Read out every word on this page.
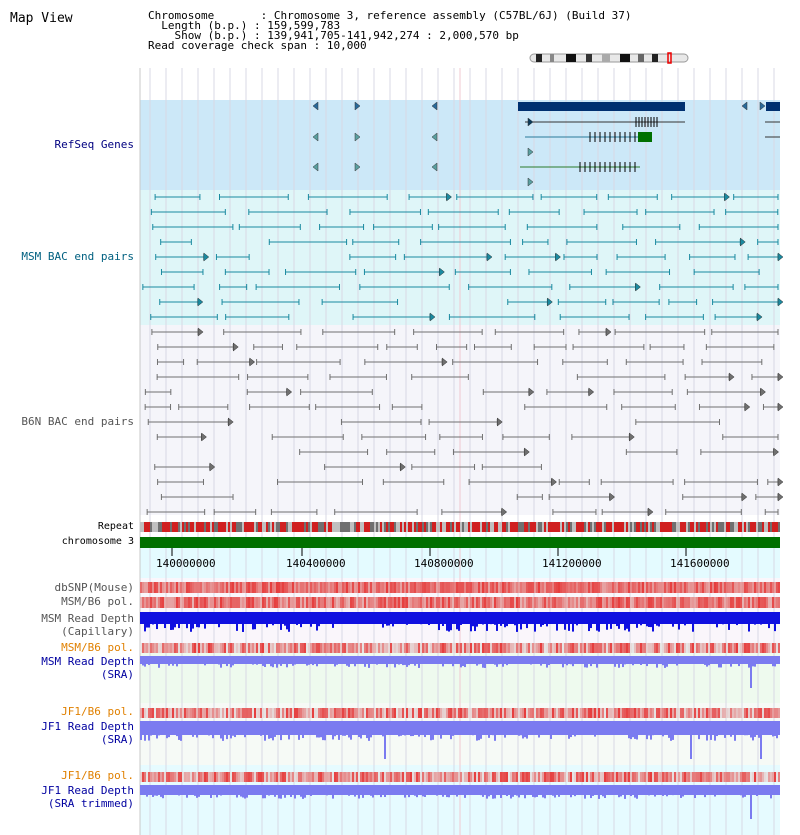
Map View	Chromosome       : Chromosome 3, reference assembly (C57BL/6J) (Build 37)
Length (b.p.) : 159,599,783
Show (b.p.) : 139,941,705-141,942,274 : 2,000,570 bp
Read coverage check span : 10,000
RefSeq Genes
MSM BAC end pairs
B6N BAC end pairs
Repeat
chromosome 3
dbSNP(Mouse)
MSM/B6 pol.
MSM Read Depth
(Capillary)
MSM/B6 pol.
MSM Read Depth
(SRA)
JF1/B6 pol.
JF1 Read Depth
(SRA)
JF1/B6 pol.
JF1 Read Depth
(SRA trimmed)
140000000	140400000	140800000	141200000	141600000
